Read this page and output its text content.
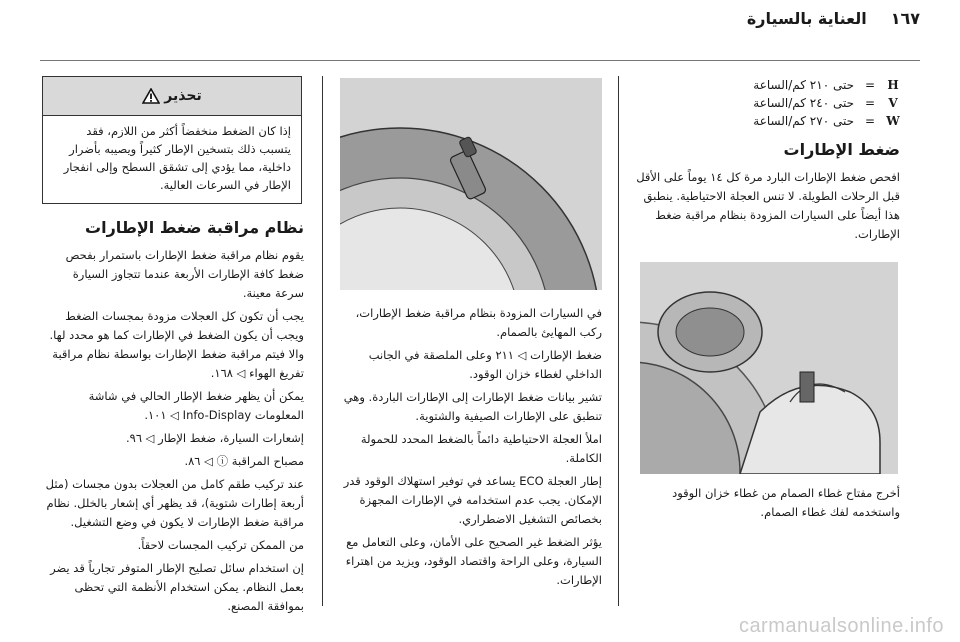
١٦٧
العناية بالسيارة
H
=
حتى ٢١٠ كم/الساعة
V
=
حتى ٢٤٠ كم/الساعة
W
=
حتى ٢٧٠ كم/الساعة
ضغط الإطارات

افحص ضغط الإطارات البارد مرة كل ١٤ يوماً على الأقل قبل الرحلات الطويلة. لا تنس العجلة الاحتياطية. ينطبق هذا أيضاً على السيارات المزودة بنظام مراقبة ضغط الإطارات.

أخرج مفتاح غطاء الصمام من غطاء خزان الوقود واستخدمه لفك غطاء الصمام.

في السيارات المزودة بنظام مراقبة ضغط الإطارات، ركب المهايئ بالصمام.

ضغط الإطارات ◁ ٢١١ وعلى الملصقة في الجانب الداخلي لغطاء خزان الوقود.

تشير بيانات ضغط الإطارات إلى الإطارات الباردة. وهي تنطبق على الإطارات الصيفية والشتوية.

املأ العجلة الاحتياطية دائماً بالضغط المحدد للحمولة الكاملة.

إطار العجلة ECO يساعد في توفير استهلاك الوقود قدر الإمكان. يجب عدم استخدامه في الإطارات المجهزة بخصائص التشغيل الاضطراري.

يؤثر الضغط غير الصحيح على الأمان، وعلى التعامل مع السيارة، وعلى الراحة واقتصاد الوقود، ويزيد من اهتراء الإطارات.

تحذير
إذا كان الضغط منخفضاً أكثر من اللازم، فقد يتسبب ذلك بتسخين الإطار كثيراً ويصيبه بأضرار داخلية، مما يؤدي إلى تشقق السطح وإلى انفجار الإطار في السرعات العالية.
نظام مراقبة ضغط الإطارات

يقوم نظام مراقبة ضغط الإطارات باستمرار بفحص ضغط كافة الإطارات الأربعة عندما تتجاوز السيارة سرعة معينة.

يجب أن تكون كل العجلات مزودة بمجسات الضغط ويجب أن يكون الضغط في الإطارات كما هو محدد لها. والا فيتم مراقبة ضغط الإطارات بواسطة نظام مراقبة تفريغ الهواء ◁ ١٦٨.

يمكن أن يظهر ضغط الإطار الحالي في شاشة المعلومات Info-Display ◁ ١٠١.

إشعارات السيارة، ضغط الإطار ◁ ٩٦.

مصباح المراقبة ⓘ ◁ ٨٦.

عند تركيب طقم كامل من العجلات بدون مجسات (مثل أربعة إطارات شتوية)، قد يظهر أي إشعار بالخلل. نظام مراقبة ضغط الإطارات لا يكون في وضع التشغيل.

من الممكن تركيب المجسات لاحقاً.

إن استخدام سائل تصليح الإطار المتوفر تجارياً قد يضر بعمل النظام. يمكن استخدام الأنظمة التي تحظى بموافقة المصنع.

carmanualsonline.info
